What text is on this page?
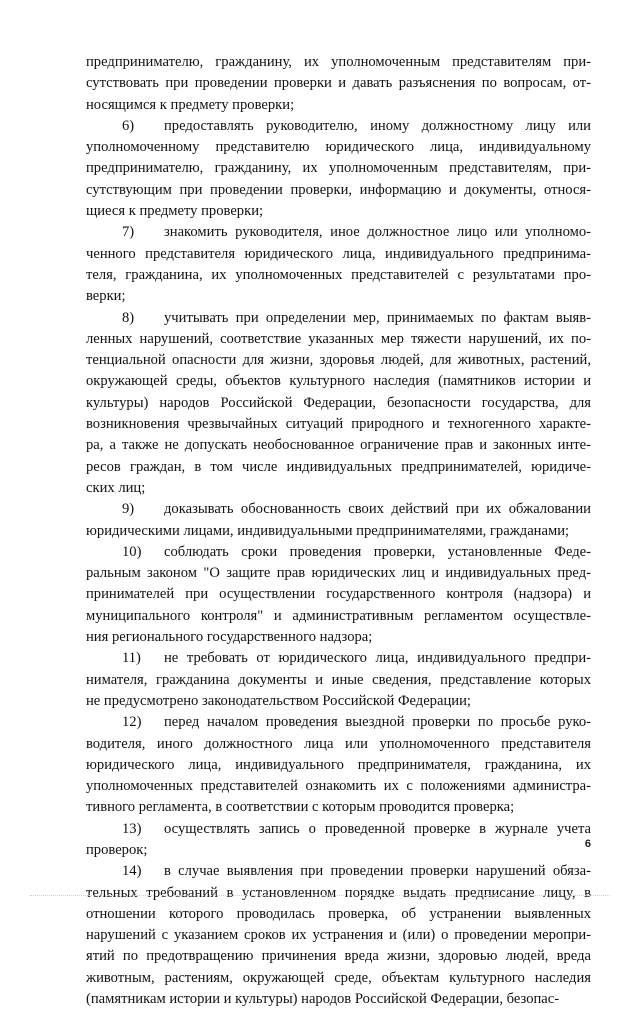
предпринимателю, гражданину, их уполномоченным представителям при-
сутствовать при проведении проверки и давать разъяснения по вопросам, от-
носящимся к предмету проверки;
6) предоставлять руководителю, иному должностному лицу или
уполномоченному представителю юридического лица, индивидуальному
предпринимателю, гражданину, их уполномоченным представителям, при-
сутствующим при проведении проверки, информацию и документы, относя-
щиеся к предмету проверки;
7) знакомить руководителя, иное должностное лицо или уполномо-
ченного представителя юридического лица, индивидуального предпринима-
теля, гражданина, их уполномоченных представителей с результатами про-
верки;
8) учитывать при определении мер, принимаемых по фактам выяв-
ленных нарушений, соответствие указанных мер тяжести нарушений, их по-
тенциальной опасности для жизни, здоровья людей, для животных, растений,
окружающей среды, объектов культурного наследия (памятников истории и
культуры) народов Российской Федерации, безопасности государства, для
возникновения чрезвычайных ситуаций природного и техногенного характе-
ра, а также не допускать необоснованное ограничение прав и законных инте-
ресов граждан, в том числе индивидуальных предпринимателей, юридиче-
ских лиц;
9) доказывать обоснованность своих действий при их обжаловании
юридическими лицами, индивидуальными предпринимателями, гражданами;
10) соблюдать сроки проведения проверки, установленные Феде-
ральным законом "О защите прав юридических лиц и индивидуальных пред-
принимателей при осуществлении государственного контроля (надзора) и
муниципального контроля" и административным регламентом осуществле-
ния регионального государственного надзора;
11) не требовать от юридического лица, индивидуального предпри-
нимателя, гражданина документы и иные сведения, представление которых
не предусмотрено законодательством Российской Федерации;
12) перед началом проведения выездной проверки по просьбе руко-
водителя, иного должностного лица или уполномоченного представителя
юридического лица, индивидуального предпринимателя, гражданина, их
уполномоченных представителей ознакомить их с положениями администра-
тивного регламента, в соответствии с которым проводится проверка;
13) осуществлять запись о проведенной проверке в журнале учета
проверок;
14) в случае выявления при проведении проверки нарушений обяза-
тельных требований в установленном порядке выдать предписание лицу, в
отношении которого проводилась проверка, об устранении выявленных
нарушений с указанием сроков их устранения и (или) о проведении меропри-
ятий по предотвращению причинения вреда жизни, здоровью людей, вреда
животным, растениям, окружающей среде, объектам культурного наследия
(памятникам истории и культуры) народов Российской Федерации, безопас-
6
